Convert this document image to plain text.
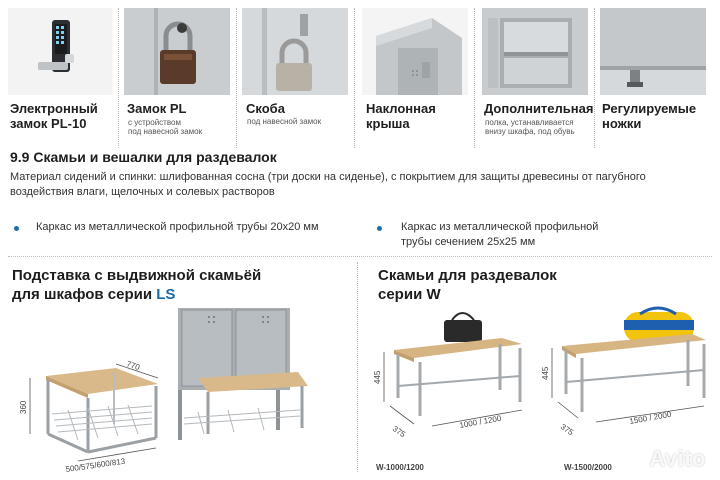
Электронный
замок PL-10
Замок PL
с устройством
под навесной замок
Скоба
под навесной замок
Наклонная
крыша
Дополнительная
полка, устанавливается
внизу шкафа, под обувь
Регулируемые
ножки
9.9 Скамьи и вешалки для раздевалок
Материал сидений и спинки: шлифованная сосна (три доски на сиденье), с покрытием для защиты древесины от пагубного воздействия влаги, щелочных и солевых растворов
Каркас из металлической профильной трубы 20х20 мм	Каркас из металлической профильной трубы сечением 25х25 мм
Подставка с выдвижной скамьёй
для шкафов серии LS
360
770
500/575/600/813
Скамьи для раздевалок
серии W
445
375
1000 / 1200
W-1000/1200
445
375
1500 / 2000
W-1500/2000 Avito
